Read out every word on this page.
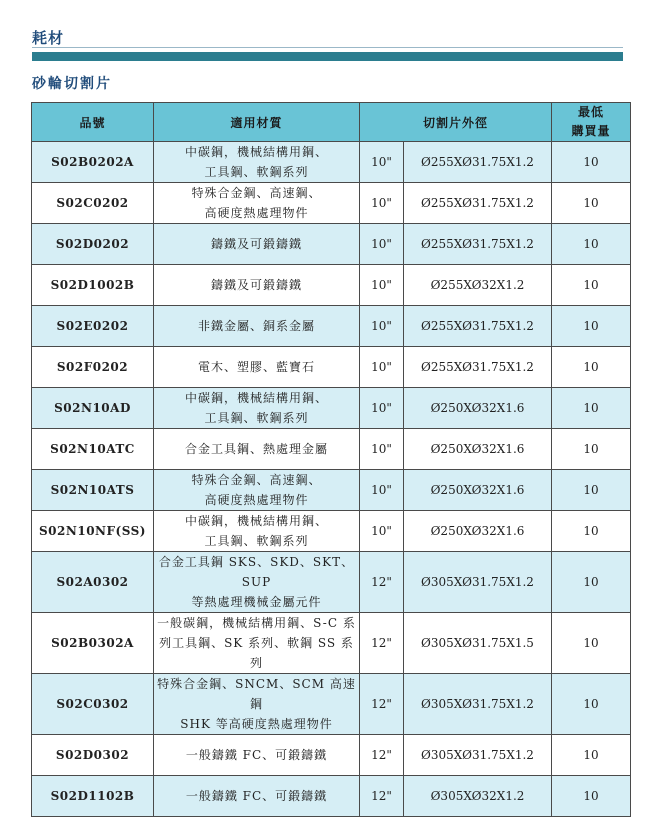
耗材
砂輪切割片
品號	適用材質	切割片外徑		最低
購買量

S02B0202A	中碳鋼，機械結構用鋼、
工具鋼、軟鋼系列	10"	Ø255XØ31.75X1.2	10
S02C0202	特殊合金鋼、高速鋼、
高硬度熱處理物件	10"	Ø255XØ31.75X1.2	10
S02D0202	鑄鐵及可鍛鑄鐵	10"	Ø255XØ31.75X1.2	10
S02D1002B	鑄鐵及可鍛鑄鐵	10"	Ø255XØ32X1.2	10
S02E0202	非鐵金屬、銅系金屬	10"	Ø255XØ31.75X1.2	10
S02F0202	電木、塑膠、藍寶石	10"	Ø255XØ31.75X1.2	10
S02N10AD	中碳鋼，機械結構用鋼、
工具鋼、軟鋼系列	10"	Ø250XØ32X1.6	10
S02N10ATC	合金工具鋼、熱處理金屬	10"	Ø250XØ32X1.6	10
S02N10ATS	特殊合金鋼、高速鋼、
高硬度熱處理物件	10"	Ø250XØ32X1.6	10
S02N10NF(SS)	中碳鋼，機械結構用鋼、
工具鋼、軟鋼系列	10"	Ø250XØ32X1.6	10
S02A0302	合金工具鋼 SKS、SKD、SKT、SUP
等熱處理機械金屬元件	12"	Ø305XØ31.75X1.2	10
S02B0302A	一般碳鋼，機械結構用鋼、S-C 系
列工具鋼、SK 系列、軟鋼 SS 系列	12"	Ø305XØ31.75X1.5	10
S02C0302	特殊合金鋼、SNCM、SCM 高速鋼
SHK 等高硬度熱處理物件	12"	Ø305XØ31.75X1.2	10
S02D0302	一般鑄鐵 FC、可鍛鑄鐵	12"	Ø305XØ31.75X1.2	10
S02D1102B	一般鑄鐵 FC、可鍛鑄鐵	12"	Ø305XØ32X1.2	10
